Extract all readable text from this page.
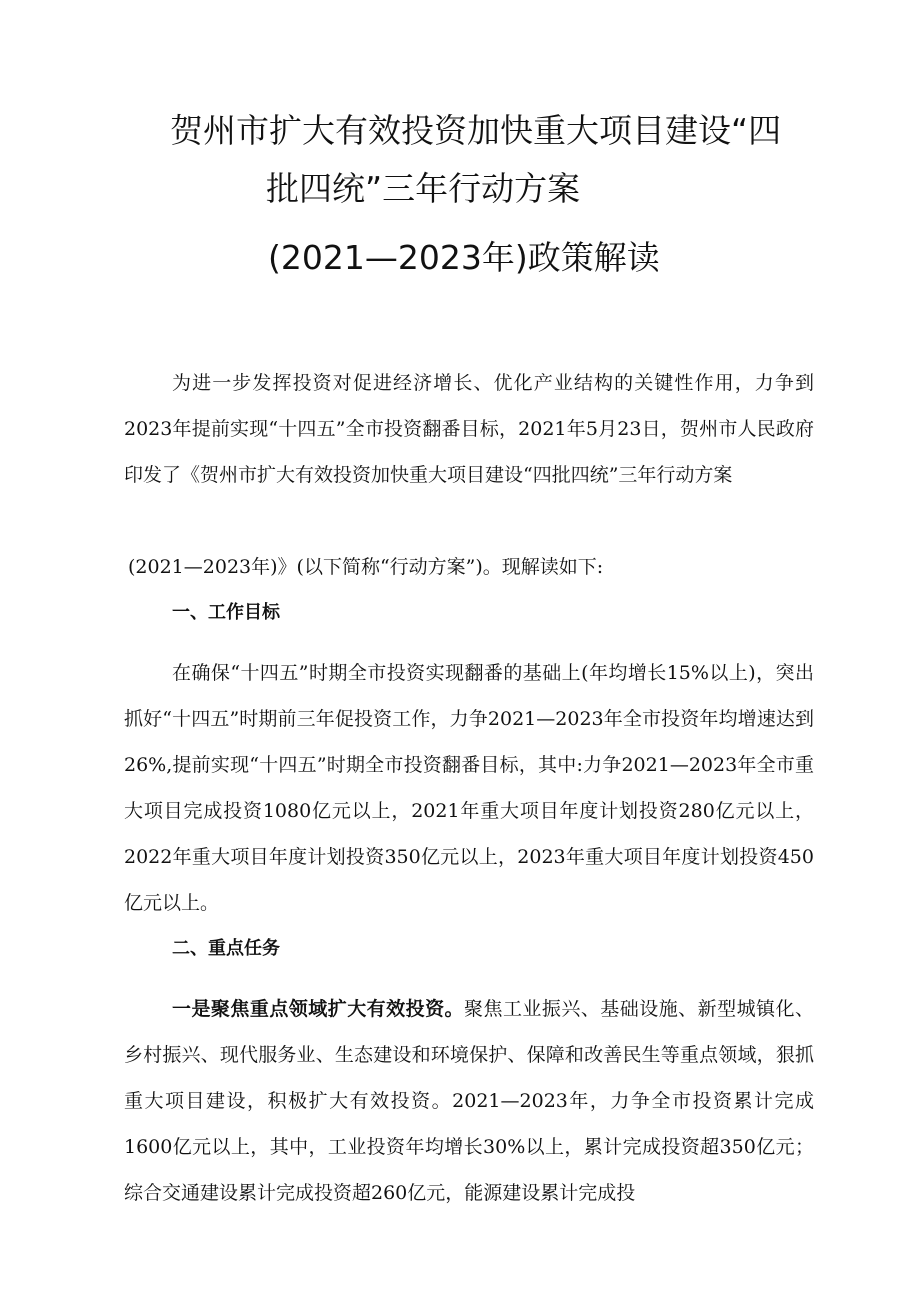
贺州市扩大有效投资加快重大项目建设“四
批四统”三年行动方案
(2021—2023年)政策解读

为进一步发挥投资对促进经济增长、优化产业结构的关键性作用，力争到2023年提前实现“十四五”全市投资翻番目标，2021年5月23日，贺州市人民政府印发了《贺州市扩大有效投资加快重大项目建设“四批四统”三年行动方案

(2021—2023年)》(以下简称“行动方案”)。现解读如下:

一、工作目标

在确保“十四五”时期全市投资实现翻番的基础上(年均增长15%以上)，突出抓好“十四五”时期前三年促投资工作，力争2021—2023年全市投资年均增速达到26%,提前实现“十四五”时期全市投资翻番目标，其中:力争2021—2023年全市重大项目完成投资1080亿元以上，2021年重大项目年度计划投资280亿元以上，2022年重大项目年度计划投资350亿元以上，2023年重大项目年度计划投资450亿元以上。

二、重点任务

一是聚焦重点领域扩大有效投资。聚焦工业振兴、基础设施、新型城镇化、乡村振兴、现代服务业、生态建设和环境保护、保障和改善民生等重点领域，狠抓重大项目建设，积极扩大有效投资。2021—2023年，力争全市投资累计完成1600亿元以上，其中，工业投资年均增长30%以上，累计完成投资超350亿元；综合交通建设累计完成投资超260亿元，能源建设累计完成投
